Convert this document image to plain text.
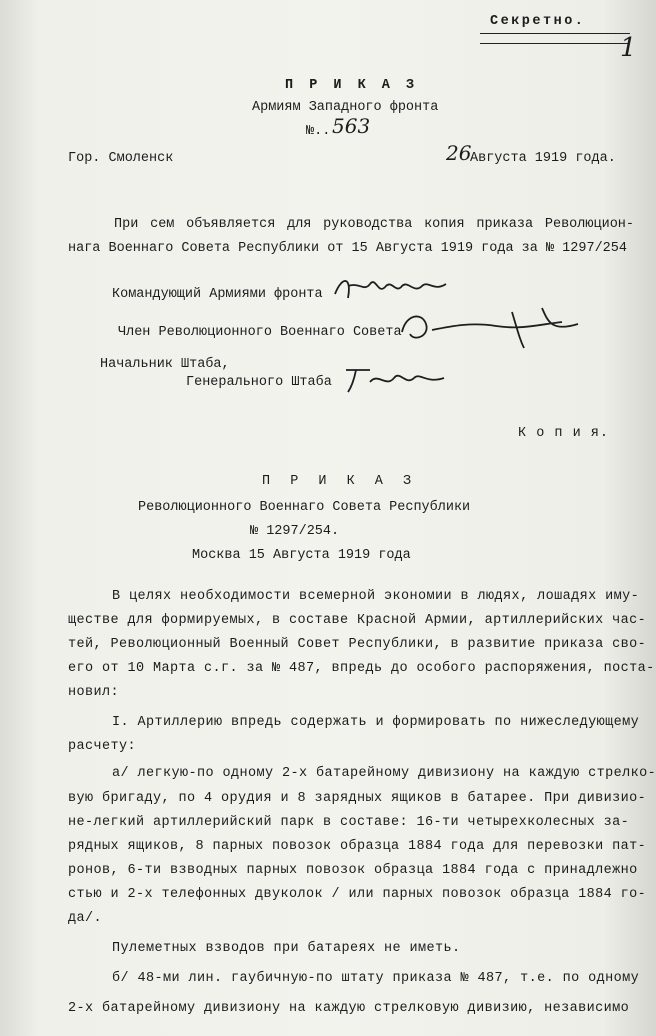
Секретно.
1
П Р И К А З
Армиям Западного фронта
№.. 563
Гор. Смоленск	26
Августа 1919 года.
При сем объявляется для руководства копия приказа Революцион-нага Военнаго Совета Республики от 15 Августа 1919 года за № 1297/254
Командующий Армиями фронта
Член Революционного Военнаго Совета
Начальник Штаба,
Генерального Штаба
К о п и я.
П Р И К А З
Революционного Военнаго Совета Республики
№ 1297/254.
Москва 15 Августа 1919 года
В целях необходимости всемерной экономии в людях, лошадях иму-
ществе для формируемых, в составе Красной Армии, артиллерийских час-
тей, Революционный Военный Совет Республики, в развитие приказа сво-
его от 10 Марта с.г. за № 487, впредь до особого распоряжения, поста-
новил:
I. Артиллерию впредь содержать и формировать по нижеследующему
расчету:
а/ легкую-по одному 2-х батарейному дивизиону на каждую стрелко-
вую бригаду, по 4 орудия и 8 зарядных ящиков в батарее. При дивизио-
не-легкий артиллерийский парк в составе: 16-ти четырехколесных за-
рядных ящиков, 8 парных повозок образца 1884 года для перевозки пат-
ронов, 6-ти взводных парных повозок образца 1884 года с принадлежно
стью и 2-х телефонных двуколок / или парных повозок образца 1884 го-
да/.
Пулеметных взводов при батареях не иметь.
б/ 48-ми лин. гаубичную-по штату приказа № 487, т.е. по одному
2-х батарейному дивизиону на каждую стрелковую дивизию, независимо
